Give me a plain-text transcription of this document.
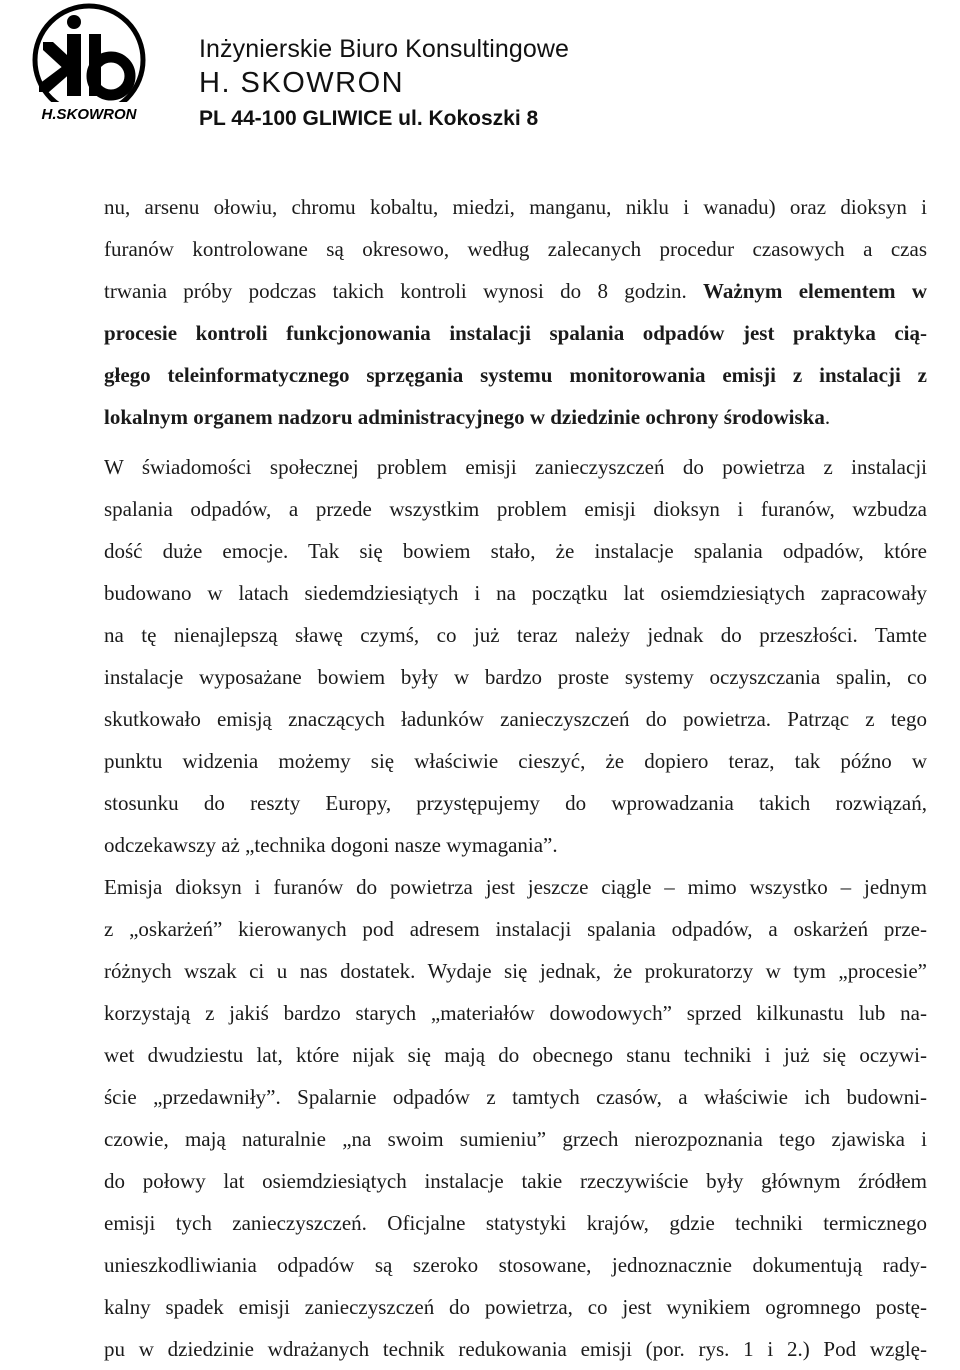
H.SKOWRON
Inżynierskie Biuro Konsultingowe
H. SKOWRON
PL 44-100 GLIWICE ul. Kokoszki 8
nu, arsenu ołowiu, chromu kobaltu, miedzi, manganu, niklu i wanadu) oraz dioksyn i
furanów kontrolowane są okresowo, według zalecanych procedur czasowych a czas
trwania próby podczas takich kontroli wynosi do 8 godzin. Ważnym elementem w
procesie kontroli funkcjonowania instalacji spalania odpadów jest praktyka cią-
głego teleinformatycznego sprzęgania systemu monitorowania emisji z instalacji z
lokalnym organem nadzoru administracyjnego w dziedzinie ochrony środowiska.
W świadomości społecznej problem emisji zanieczyszczeń do powietrza z instalacji
spalania odpadów, a przede wszystkim problem emisji dioksyn i furanów, wzbudza
dość duże emocje. Tak się bowiem stało, że instalacje spalania odpadów, które
budowano w latach siedemdziesiątych i na początku lat osiemdziesiątych zapracowały
na tę nienajlepszą sławę czymś, co już teraz należy jednak do przeszłości. Tamte
instalacje wyposażane bowiem były w bardzo proste systemy oczyszczania spalin, co
skutkowało emisją znaczących ładunków zanieczyszczeń do powietrza. Patrząc z tego
punktu widzenia możemy się właściwie cieszyć, że dopiero teraz, tak późno w
stosunku do reszty Europy, przystępujemy do wprowadzania takich rozwiązań,
odczekawszy aż „technika dogoni nasze wymagania”.
Emisja dioksyn i furanów do powietrza jest jeszcze ciągle – mimo wszystko – jednym
z „oskarżeń” kierowanych pod adresem instalacji spalania odpadów, a oskarżeń prze-
różnych wszak ci u nas dostatek. Wydaje się jednak, że prokuratorzy w tym „procesie”
korzystają z jakiś bardzo starych „materiałów dowodowych” sprzed kilkunastu lub na-
wet dwudziestu lat, które nijak się mają do obecnego stanu techniki i już się oczywi-
ście „przedawniły”. Spalarnie odpadów z tamtych czasów, a właściwie ich budowni-
czowie, mają naturalnie „na swoim sumieniu” grzech nierozpoznania tego zjawiska i
do połowy lat osiemdziesiątych instalacje takie rzeczywiście były głównym źródłem
emisji tych zanieczyszczeń. Oficjalne statystyki krajów, gdzie techniki termicznego
unieszkodliwiania odpadów są szeroko stosowane, jednoznacznie dokumentują rady-
kalny spadek emisji zanieczyszczeń do powietrza, co jest wynikiem ogromnego postę-
pu w dziedzinie wdrażanych technik redukowania emisji (por. rys. 1 i 2.) Pod wzglę-
